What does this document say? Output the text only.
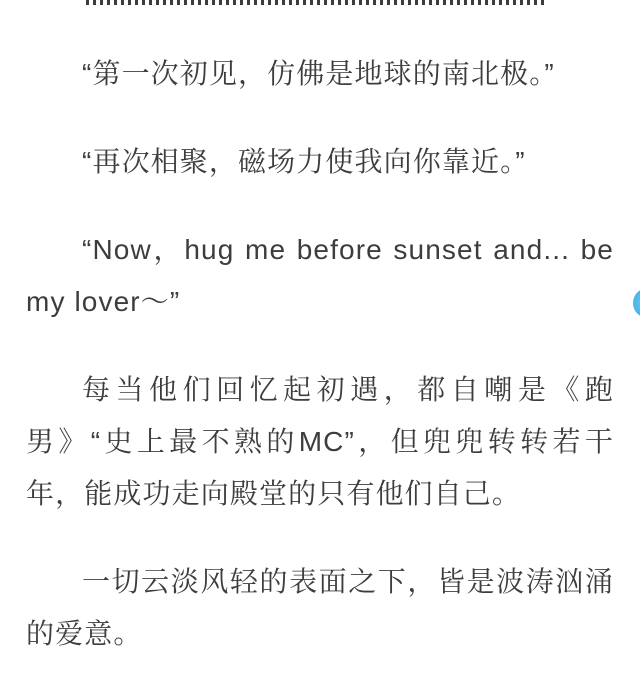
“第一次初见，仿佛是地球的南北极。”

“再次相聚，磁场力使我向你靠近。”

“Now，hug me before sunset and... be my lover～”

每当他们回忆起初遇，都自嘲是《跑男》“史上最不熟的MC”，但兜兜转转若干年，能成功走向殿堂的只有他们自己。

一切云淡风轻的表面之下，皆是波涛汹涌的爱意。
